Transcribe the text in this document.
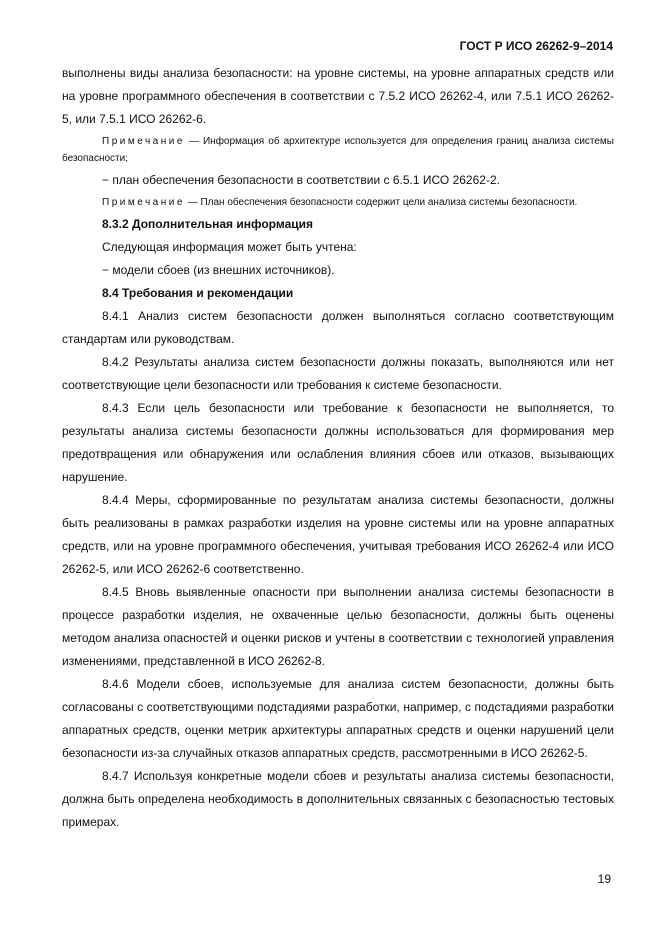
ГОСТ Р ИСО 26262-9–2014

выполнены виды анализа безопасности: на уровне системы, на уровне аппаратных средств или на уровне программного обеспечения в соответствии с 7.5.2 ИСО 26262-4, или 7.5.1 ИСО 26262-5, или 7.5.1 ИСО 26262-6.

Примечание — Информация об архитектуре используется для определения границ анализа системы безопасности;

− план обеспечения безопасности в соответствии с 6.5.1 ИСО 26262-2.

Примечание — План обеспечения безопасности содержит цели анализа системы безопасности.

8.3.2 Дополнительная информация

Следующая информация может быть учтена:

− модели сбоев (из внешних источников).

8.4 Требования и рекомендации

8.4.1 Анализ систем безопасности должен выполняться согласно соответствующим стандартам или руководствам.

8.4.2 Результаты анализа систем безопасности должны показать, выполняются или нет соответствующие цели безопасности или требования к системе безопасности.

8.4.3 Если цель безопасности или требование к безопасности не выполняется, то результаты анализа системы безопасности должны использоваться для формирования мер предотвращения или обнаружения или ослабления влияния сбоев или отказов, вызывающих нарушение.

8.4.4 Меры, сформированные по результатам анализа системы безопасности, должны быть реализованы в рамках разработки изделия на уровне системы или на уровне аппаратных средств, или на уровне программного обеспечения, учитывая требования ИСО 26262-4 или ИСО 26262-5, или ИСО 26262-6 соответственно.

8.4.5 Вновь выявленные опасности при выполнении анализа системы безопасности в процессе разработки изделия, не охваченные целью безопасности, должны быть оценены методом анализа опасностей и оценки рисков и учтены в соответствии с технологией управления изменениями, представленной в ИСО 26262-8.

8.4.6 Модели сбоев, используемые для анализа систем безопасности, должны быть согласованы с соответствующими подстадиями разработки, например, с подстадиями разработки аппаратных средств, оценки метрик архитектуры аппаратных средств и оценки нарушений цели безопасности из-за случайных отказов аппаратных средств, рассмотренными в ИСО 26262-5.

8.4.7 Используя конкретные модели сбоев и результаты анализа системы безопасности, должна быть определена необходимость в дополнительных связанных с безопасностью тестовых примерах.

19
